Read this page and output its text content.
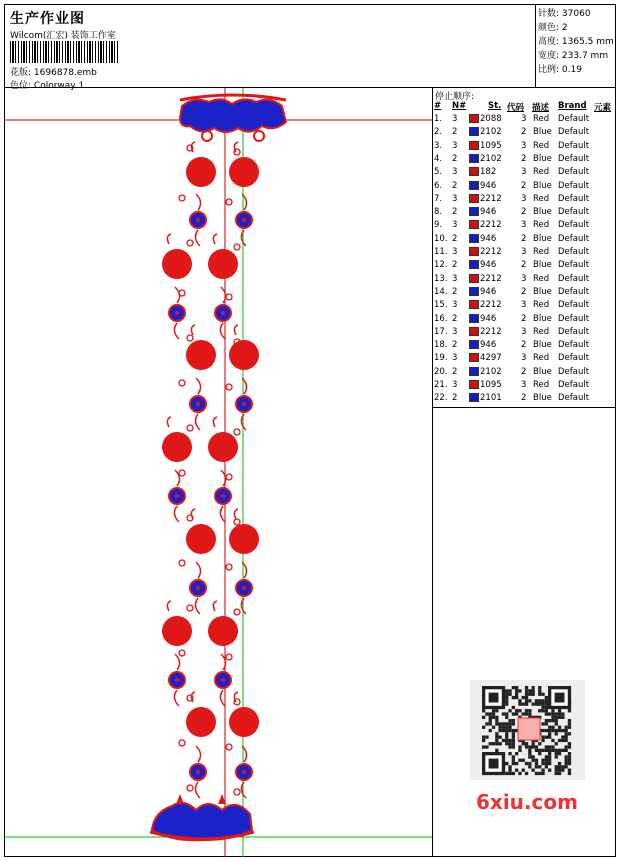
生产作业图
Wilcom(汇宏) 装饰工作室
花版: 1696878.emb
色位: Colorway 1
针数: 37060
颜色: 2
高度: 1365.5 mm
宽度: 233.7 mm
比例: 0.19
停止顺序:
# N#	St. 代码 描述 Brand 元素
1. 3	2088 3 Red Default
2. 2	2102 2 Blue Default
3. 3	1095 3 Red Default
4. 2	2102 2 Blue Default
5. 3	182	3 Red Default
6. 2	946	2 Blue Default
7. 3	2212 3 Red Default
8. 2	946	2 Blue Default
9. 3	2212 3 Red Default
10. 2	946	2 Blue Default
11. 3	2212 3 Red Default
12. 2	946	2 Blue Default
13. 3	2212 3 Red Default
14. 2	946	2 Blue Default
15. 3	2212 3 Red Default
16. 2	946	2 Blue Default
17. 3	2212 3 Red Default
18. 2	946	2 Blue Default
19. 3	4297 3 Red Default
20. 2	2102 2 Blue Default
21. 3	1095 3 Red Default
22. 2	2101 2 Blue Default
6xiu.com
